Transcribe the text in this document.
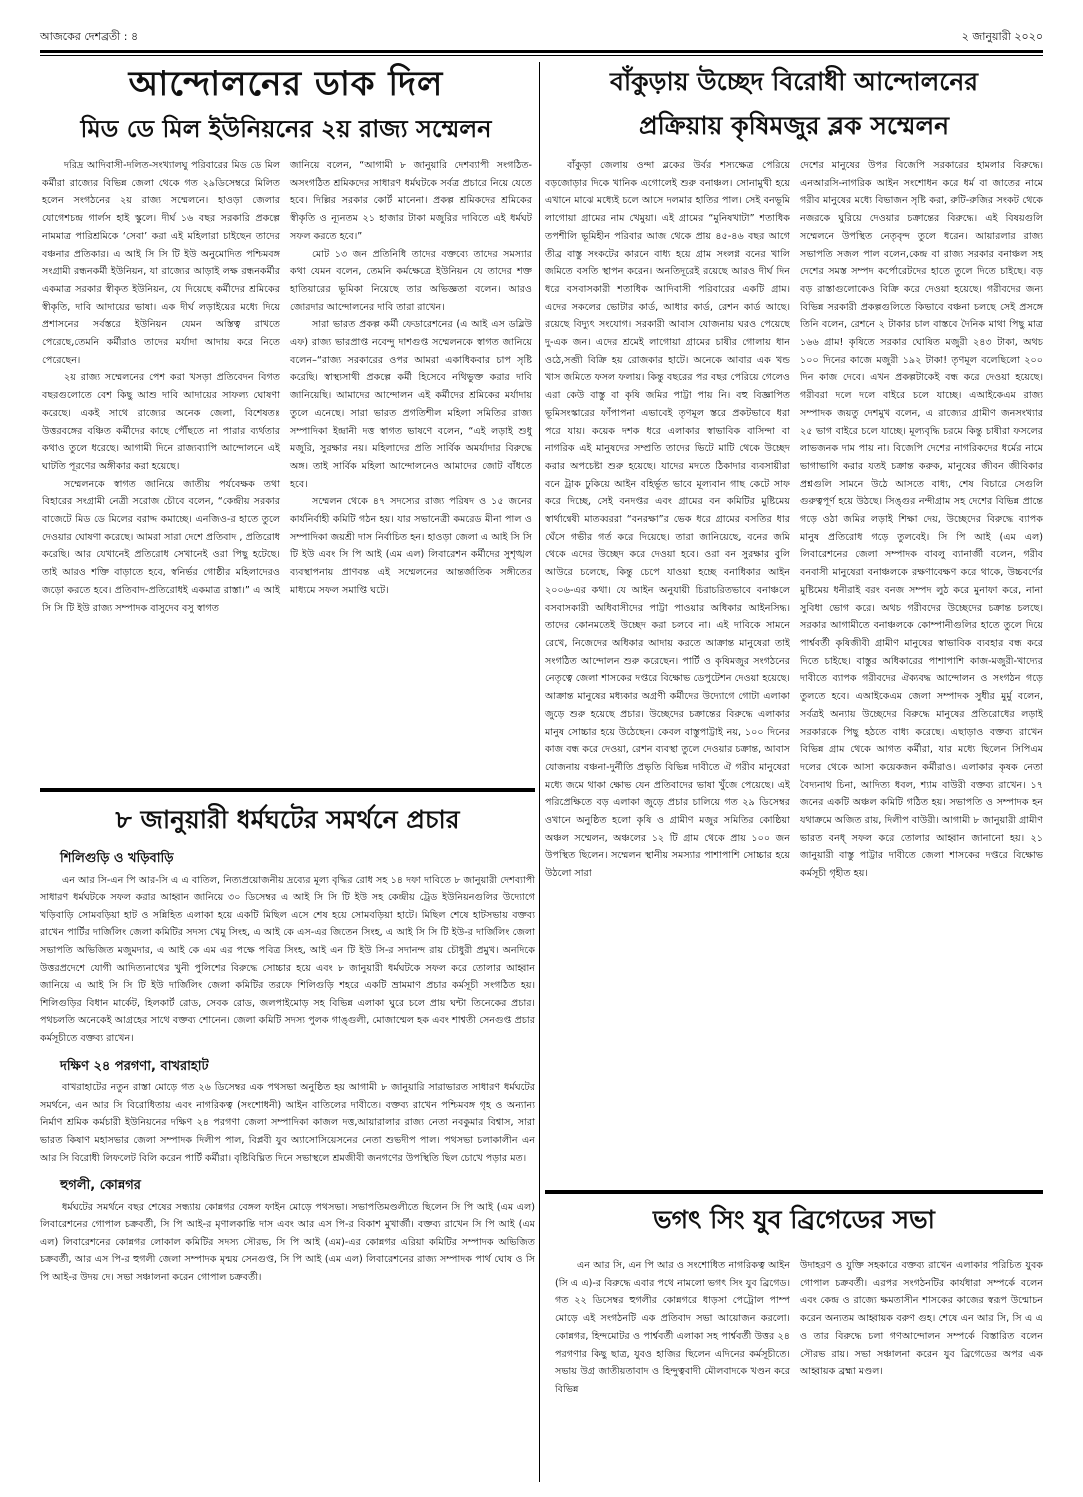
আজকের দেশব্রতী : ৪	২ জানুয়ারী ২০২০
আন্দোলনের ডাক দিল
মিড ডে মিল ইউনিয়নের ২য় রাজ্য সম্মেলন

দরিদ্র আদিবাসী-দলিত-সংখ্যালঘু পরিবারের মিড ডে মিল কর্মীরা রাজ্যের বিভিন্ন জেলা থেকে গত ২৯ডিসেম্বরে মিলিত হলেন সংগঠনের ২য় রাজ্য সম্মেলনে। হাওড়া জেলার যোগেশচন্দ্র গার্লস হাই স্কুলে। দীর্ঘ ১৬ বছর সরকারি প্রকল্পে নামমাত্র পারিশ্রমিকে ‘সেবা’ করা এই মহিলারা চাইছেন তাদের বঞ্চনার প্রতিকার। এ আই সি সি টি ইউ অনুমোদিত পশ্চিমবঙ্গ সংগ্রামী রন্ধনকর্মী ইউনিয়ন, যা রাজ্যের আড়াই লক্ষ রন্ধনকর্মীর একমাত্র সরকার স্বীকৃত ইউনিয়ন, যে দিয়েছে কর্মীদের শ্রমিকের স্বীকৃতি, দাবি আদায়ের ভাষা। এক দীর্ঘ লড়াইয়ের মধ্যে দিয়ে প্রশাসনের সর্বস্তরে ইউনিয়ন যেমন অস্তিত্ব রাখতে পেরেছে,তেমনি কর্মীরাও তাদের মর্যাদা আদায় করে নিতে পেরেছেন।

২য় রাজ্য সম্মেলনের পেশ করা খসড়া প্রতিবেদন বিগত বছরগুলোতে বেশ কিছু আশু দাবি আদায়ের সাফল্য ঘোষণা করেছে। একই সাথে রাজ্যের অনেক জেলা, বিশেষতঃ উত্তরবঙ্গের বঞ্চিত কর্মীদের কাছে পৌঁছতে না পারার ব্যর্থতার কথাও তুলে ধরেছে। আগামী দিনে রাজ্যব্যাপি আন্দোলনে এই ঘাটতি পূরণের অঙ্গীকার করা হয়েছে।

সম্মেলনকে স্বাগত জানিয়ে জাতীয় পর্যবেক্ষক তথা বিহারের সংগ্রামী নেত্রী সরোজ চৌবে বলেন, “কেন্দ্রীয় সরকার বাজেটে মিড ডে মিলের বরাদ্দ কমাচ্ছে। এনজিও-র হাতে তুলে দেওয়ার ঘোষণা করেছে। আমরা সারা দেশে প্রতিবাদ , প্রতিরোধ করেছি। আর যেখানেই প্রতিরোধ সেখানেই ওরা পিছু হটেছে। তাই আরও শক্তি বাড়াতে হবে, স্বনির্ভর গোষ্ঠীর মহিলাদেরও জড়ো করতে হবে। প্রতিবাদ-প্রতিরোধই একমাত্র রাস্তা।” এ আই সি সি টি ইউ রাজ্য সম্পাদক বাসুদেব বসু স্বাগত

জানিয়ে বলেন, “আগামী ৮ জানুয়ারি দেশব্যাপী সংগঠিত-অসংগঠিত শ্রমিকদের সাধারণ ধর্মঘটকে সর্বত্র প্রচারে নিয়ে যেতে হবে। দিল্লির সরকার কোর্ট মানেনা। প্রকল্প শ্রমিকদের শ্রমিকের স্বীকৃতি ও ন্যূনতম ২১ হাজার টাকা মজুরির দাবিতে এই ধর্মঘট সফল করতে হবে।”

মোট ১৩ জন প্রতিনিধি তাদের বক্তব্যে তাদের সমস্যার কথা যেমন বলেন, তেমনি কর্মক্ষেত্রে ইউনিয়ন যে তাদের শক্ত হাতিয়ারের ভূমিকা নিয়েছে তার অভিজ্ঞতা বলেন। আরও জোরদার আন্দোলনের দাবি তারা রাখেন।

সারা ভারত প্রকল্প কর্মী ফেডারেশনের (এ আই এস ডব্লিউ এফ) রাজ্য ভারপ্রাপ্ত নবেন্দু দাশগুপ্ত সম্মেলনকে স্বাগত জানিয়ে বলেন–“রাজ্য সরকারের ওপর আমরা একাধিকবার চাপ সৃষ্টি করেছি। স্বাস্থ্যসাথী প্রকল্পে কর্মী হিসেবে নথিভুক্ত করার দাবি জানিয়েছি। আমাদের আন্দোলন এই কর্মীদের শ্রমিকের মর্যাদায় তুলে এনেছে। সারা ভারত প্রগতিশীল মহিলা সমিতির রাজ্য সম্পাদিকা ইন্দ্রানী দত্ত স্বাগত ভাষণে বলেন, “এই লড়াই শুধু মজুরি, সুরক্ষার নয়। মহিলাদের প্রতি সার্বিক অমর্যাদার বিরুদ্ধে অঙ্গ। তাই সার্বিক মহিলা আন্দোলনেও আমাদের জোট বাঁধতে হবে।

সম্মেলন থেকে ৪৭ সদস্যের রাজ্য পরিষদ ও ১৫ জনের কার্যনির্বাহী কমিটি গঠন হয়। যার সভানেত্রী কমরেড মীনা পাল ও সম্পাদিকা জয়শ্রী দাস নির্বাচিত হন। হাওড়া জেলা এ আই সি সি টি ইউ এবং সি পি আই (এম এল) লিবারেশন কর্মীদের সুশৃঙ্খল ব্যবস্থাপনায় প্রাণবন্ত এই সম্মেলনের আন্তর্জাতিক সঙ্গীতের মাধ্যমে সফল সমাপ্তি ঘটে।

৮ জানুয়ারী ধর্মঘটের সমর্থনে প্রচার
শিলিগুড়ি ও খড়িবাড়ি

এন আর সি-এন পি আর-সি এ এ বাতিল, নিত্যপ্রয়োজনীয় দ্রব্যের মূল্য বৃদ্ধির রোধ সহ ১৪ দফা দাবিতে ৮ জানুয়ারী দেশব্যাপী সাধারণ ধর্মঘটকে সফল করার আহ্বান জানিয়ে ৩০ ডিসেম্বর এ আই সি সি টি ইউ সহ কেন্দ্রীয় ট্রেড ইউনিয়নগুলির উদ্যোগে খড়িবাড়ি সোমবড়িয়া হাট ও সন্নিহিত এলাকা হয়ে একটি মিছিল এসে শেষ হয়ে সোমবড়িয়া হাটে। মিছিল শেষে হাটসভায় বক্তব্য রাখেন পার্টির দার্জিলিং জেলা কমিটির সদস্য খেমু সিংহ, এ আই কে এস-এর জিতেন সিংহ, এ আই সি সি টি ইউ-র দার্জিলিং জেলা সভাপতি অভিজিত মজুমদার, এ আই কে এম এর পক্ষে পবিত্র সিংহ, আই এন টি ইউ সি-র সদানন্দ রায় চৌধুরী প্রমুখ। অনদিকে উত্তরপ্রদেশে যোগী আদিত্যনাথের খুনী পুলিশের বিরুদ্ধে সোচ্চার হয়ে এবং ৮ জানুয়ারী ধর্মঘটকে সফল করে তোলার আহ্বান জানিয়ে এ আই সি সি টি ইউ দার্জিলিং জেলা কমিটির তরফে শিলিগুড়ি শহরে একটি ভ্রামমাণ প্রচার কর্মসূচী সংগঠিত হয়। শিলিগুড়ির বিধান মার্কেট, হিলকার্ট রোড, সেবক রোড, জলপাইমোড় সহ বিভিন্ন এলাকা ঘুরে চলে প্রায় ঘন্টা তিনেকের প্রচার। পথচলতি অনেকেই আগ্রহের সাথে বক্তব্য শোনেন। জেলা কমিটি সদস্য পুলক গাঙ্গুলী, মোজাম্মেল হক এবং শাশ্বতী সেনগুপ্ত প্রচার কর্মসূচীতে বক্তব্য রাখেন।

দক্ষিণ ২৪ পরগণা, বাখরাহাট

বাখরাহাটের নতুন রাস্তা মোড়ে গত ২৬ ডিসেম্বর এক পথসভা অনুষ্ঠিত হয় আগামী ৮ জানুয়ারি সারাভারত সাধারণ ধর্মঘটের সমর্থনে, এন আর সি বিরোধিতায় এবং নাগরিকত্ব (সংশোধনী) আইন বাতিলের দাবীতে। বক্তব্য রাখেন পশ্চিমবঙ্গ গৃহ ও অন্যান্য নির্মাণ শ্রমিক কর্মচারী ইউনিয়নের দক্ষিণ ২৪ পরগণা জেলা সম্পাদিকা কাজল দত্ত,আয়ারালার রাজ্য নেতা নবকুমার বিশ্বাস, সারা ভারত কিষাণ মহাসভার জেলা সম্পাদক দিলীপ পাল, বিপ্লবী যুব অ্যাসোসিয়েসনের নেতা শুভদীপ পাল। পথসভা চলাকালীন এন আর সি বিরোধী লিফলেট বিলি করেন পার্টি কর্মীরা। বৃষ্টিবিঘ্নিত দিনে সভাস্থলে শ্রমজীবী জনগণের উপস্থিতি ছিল চোখে পড়ার মত।

হুগলী, কোন্নগর

ধর্মঘটের সমর্থনে বছর শেষের সন্ধ্যায় কোন্নগর বেঙ্গল ফাইন মোড়ে পথসভা। সভাপতিমণ্ডলীতে ছিলেন সি পি আই (এম এল) লিবারেশনের গোপাল চক্রবর্তী, সি পি আই-র মৃণালকান্তি দাস এবং আর এস পি-র বিকাশ মুখার্জী। বক্তব্য রাখেন সি পি আই (এম এল) লিবারেশনের কোন্নগর লোকাল কমিটির সদস্য সৌরভ, সি পি আই (এম)-এর কোন্নগর এরিয়া কমিটির সম্পাদক অভিজিত চক্রবর্তী, আর এস পি-র হুগলী জেলা সম্পাদক মৃন্ময় সেনগুপ্ত, সি পি আই (এম এল) লিবারেশনের রাজ্য সম্পাদক পার্থ ঘোষ ও সি পি আই-র উদয় দে। সভা সঞ্চালনা করেন গোপাল চক্রবর্তী।

বাঁকুড়ায় উচ্ছেদ বিরোধী আন্দোলনের
প্রক্রিয়ায় কৃষিমজুর ব্লক সম্মেলন

বাঁকুড়া জেলায় ওন্দা ব্লকের উর্বর শস্যক্ষেত্র পেরিয়ে বড়জোড়ার দিকে খানিক এগোলেই শুরু বনাঞ্চল। সোনামুখী হয়ে এখানে মাঝে মধ্যেই চলে আসে দলমার হাতির পাল। সেই বনভূমি লাগোয়া গ্রামের নাম খেমুয়া। এই গ্রামের “মুনিষখাটা” শতাধিক তপশীলি ভূমিহীন পরিবার আজ থেকে প্রায় ৪৫-৪৬ বছর আগে তীব্র বাস্তু সংকটের কারনে বাধ্য হয়ে গ্রাম সংলগ্ন বনের খালি জমিতে বসতি স্থাপন করেন। অনতিদূরেই রয়েছে আরও দীর্ঘ দিন ধরে বসবাসকারী শতাধিক আদিবাসী পরিবারের একটি গ্রাম। এদের সকলের ভোটার কার্ড, আধার কার্ড, রেশন কার্ড আছে। রয়েছে বিদ্যুৎ সংযোগ। সরকারী আবাস যোজনায় ঘরও পেয়েছে দু-এক জন। এদের শ্রমেই লাগোয়া গ্রামের চাষীর গোলায় ধান ওঠে,সব্জী বিক্রি হয় রোজকার হাটে। অনেকে আবার এক খন্ড খাস জমিতে ফসল ফলায়। কিন্তু বছরের পর বছর পেরিয়ে গেলেও এরা কেউ বাস্তু বা কৃষি জমির পাট্টা পায় নি। বহু বিজ্ঞাপিত ভূমিসংস্কারের ফাঁপাপনা এভাবেই তৃণমূল স্তরে প্রকটভাবে ধরা পরে যায়। কয়েক দশক ধরে এলাকার স্বাভাবিক বাসিন্দা বা নাগরিক এই মানুষদের সম্প্রতি তাদের ভিটে মাটি থেকে উচ্ছেদ করার অপচেষ্টা শুরু হয়েছে। যাদের মদতে ঠিকাদার ব্যবসায়ীরা বনে ট্রাক ঢুকিয়ে আইন বহির্ভূত ভাবে মূল্যবান গাছ কেটে সাফ করে দিচ্ছে, সেই বনদপ্তর এবং গ্রামের বন কমিটির মুষ্টিমেয় স্বার্থান্বেষী মাতব্বররা “বনরক্ষা”র ভেক ধরে গ্রামের বসতির ধার ঘেঁসে গভীর গর্ত করে দিয়েছে। তারা জানিয়েছে, বনের জমি থেকে এদের উচ্ছেদ করে দেওয়া হবে। ওরা বন সুরক্ষার বুলি আউরে চলেছে, কিন্তু চেপে যাওয়া হচ্ছে বনাধিকার আইন ২০০৬-এর কথা। যে আইন অনুযায়ী চিরাচরিতভাবে বনাঞ্চলে বসবাসকারী অধিবাসীদের পাট্টা পাওয়ার অধিকার আইনসিদ্ধ। তাদের কোনমতেই উচ্ছেদ করা চলবে না। এই দাবিকে সামনে রেখে, নিজেদের অধিকার আদায় করতে আক্রান্ত মানুষেরা তাই সংগঠিত আন্দোলন শুরু করেছেন। পার্টি ও কৃষিমজুর সংগঠনের নেতৃত্বে জেলা শাসকের দপ্তরে বিক্ষোভ ডেপুটেশন দেওয়া হয়েছে। আক্রান্ত মানুষের মধ্যকার অগ্রণী কর্মীদের উদ্যোগে গোটা এলাকা জুড়ে শুরু হয়েছে প্রচার। উচ্ছেদের চক্রান্তের বিরুদ্ধে এলাকার মানুষ সোচ্চার হয়ে উঠেছেন। কেবল বাস্তুপাট্টাই নয়, ১০০ দিনের কাজ বন্ধ করে দেওয়া, রেশন ব্যবস্থা তুলে দেওয়ার চক্রান্ত, আবাস যোজনায় বঞ্চনা-দুর্নীতি প্রভৃতি বিভিন্ন দাবীতে ঐ গরীব মানুষেরা মধ্যে জমে থাকা ক্ষোভ যেন প্রতিবাদের ভাষা খুঁজে পেয়েছে। এই পরিপ্রেক্ষিতে বড় এলাকা জুড়ে প্রচার চালিয়ে গত ২৯ ডিসেম্বর ওখানে অনুষ্ঠিত হলো কৃষি ও গ্রামীণ মজুর সমিতির কোষ্ঠিয়া অঞ্চল সম্মেলন, অঞ্চলের ১২ টি গ্রাম থেকে প্রায় ১০০ জন উপস্থিত ছিলেন। সম্মেলন স্থানীয় সমস্যার পাশাপাশি সোচ্চার হয়ে উঠলো সারা

দেশের মানুষের উপর বিজেপি সরকারের হামলার বিরুদ্ধে। এনআরসি-নাগরিক আইন সংশোধন করে ধর্ম বা জাতের নামে গরীব মানুষের মধ্যে বিভাজন সৃষ্টি করা, রুটি-রুজির সংকট থেকে নজরকে ঘুরিয়ে দেওয়ার চক্রান্তের বিরুদ্ধে। এই বিষয়গুলি সম্মেলনে উপস্থিত নেতৃবৃন্দ তুলে ধরেন। আয়ারলার রাজ্য সভাপতি সজল পাল বলেন,কেন্দ্র বা রাজ্য সরকার বনাঞ্চল সহ দেশের সমস্ত সম্পদ কর্পোরেটদের হাতে তুলে দিতে চাইছে। বড় বড় রাস্তাগুলোকেও বিক্রি করে দেওয়া হয়েছে। গরীবদের জন্য বিভিন্ন সরকারী প্রকল্পগুলিতে কিভাবে বঞ্চনা চলছে সেই প্রসঙ্গে তিনি বলেন, রেশনে ২ টাকার চাল বাস্তবে দৈনিক মাথা পিছু মাত্র ১৬৬ গ্রাম! কৃষিতে সরকার ঘোষিত মজুরী ২৪৩ টাকা, অথচ ১০০ দিনের কাজে মজুরী ১৯২ টাকা! তৃণমূল বলেছিলো ২০০ দিন কাজ দেবে। এখন প্রকল্পটাকেই বন্ধ করে দেওয়া হয়েছে। গরীবরা দলে দলে বাইরে চলে যাচ্ছে। এআইকেএম রাজ্য সম্পাদক জয়তু দেশমুখ বলেন, এ রাজ্যের গ্রামীণ জনসংখ্যার ২৫ ভাগ বাইরে চলে যাচ্ছে। মূল্যবৃদ্ধি চরমে কিন্তু চাষীরা ফসলের লাভজনক দাম পায় না। বিজেপি দেশের নাগরিকদের ধর্মের নামে ভাগাভাগি করার যতই চক্রান্ত করুক, মানুষের জীবন জীবিকার প্রশ্নগুলি সামনে উঠে আসতে বাধ্য, শেষ বিচারে সেগুলি গুরুত্বপূর্ণ হয়ে উঠছে। সিঙ্গুর নন্দীগ্রাম সহ দেশের বিভিন্ন প্রান্তে গড়ে ওঠা জমির লড়াই শিক্ষা দেয়, উচ্ছেদের বিরুদ্ধে ব্যাপক মানুষ প্রতিরোধ গড়ে তুলবেই। সি পি আই (এম এল) লিবারেশনের জেলা সম্পাদক বাবলু ব্যানার্জী বলেন, গরীব বনবাসী মানুষেরা বনাঞ্চলকে রক্ষণাবেক্ষণ করে থাকে, উচ্চবর্ণের মুষ্টিমেয় ধনীরাই বরং বনজ সম্পদ লুঠ করে মুনাফা করে, নানা সুবিধা ভোগ করে। অথচ গরীবদের উচ্ছেদের চক্রান্ত চলছে। সরকার আগামীতে বনাঞ্চলকে কোম্পানীগুলির হাতে তুলে দিয়ে পার্শ্ববর্তী কৃষিজীবী গ্রামীণ মানুষের স্বাভাবিক ব্যবহার বন্ধ করে দিতে চাইছে। বাস্তুর অধিকারের পাশাপাশি কাজ-মজুরী-খাদ্যের দাবীতে ব্যাপক গরীবদের ঐক্যবদ্ধ আন্দোলন ও সংগঠন গড়ে তুলতে হবে। এআইকেএম জেলা সম্পাদক সুধীর মুর্মু বলেন, সর্বত্রই অন্যায় উচ্ছেদের বিরুদ্ধে মানুষের প্রতিরোধের লড়াই সরকারকে পিছু হঠতে বাধ্য করেছে। এছাড়াও বক্তব্য রাখেন বিভিন্ন গ্রাম থেকে আগত কর্মীরা, যার মধ্যে ছিলেন সিপিএম দলের থেকে আসা কয়েকজন কর্মীরাও। এলাকার কৃষক নেতা বৈদ্যনাথ চিনা, আদিত্য ধবল, শ্যাম বাউরী বক্তব্য রাখেন। ১৭ জনের একটি অঞ্চল কমিটি গঠিত হয়। সভাপতি ও সম্পাদক হন যথাক্রমে অজিত রায়, দিলীপ বাউরী। আগামী ৮ জানুয়ারী গ্রামীণ ভারত বনধ্ সফল করে তোলার আহ্বান জানানো হয়। ২১ জানুয়ারী বাস্তু পাট্টার দাবীতে জেলা শাসকের দপ্তরে বিক্ষোভ কর্মসূচী গৃহীত হয়।

ভগৎ সিং যুব ব্রিগেডের সভা

এন আর সি, এন পি আর ও সংশোধিত নাগরিকত্ব আইন (সি এ এ)-র বিরুদ্ধে এবার পথে নামলো ভগৎ সিং যুব ব্রিগেড। গত ২২ ডিসেম্বর হুগলীর কোন্নগরে ধাড়সা পেট্রোল পাম্প মোড়ে এই সংগঠনটি এক প্রতিবাদ সভা আয়োজন করলো। কোন্নগর, হিন্দমোটর ও পার্শ্ববর্তী এলাকা সহ পার্শ্ববর্তী উত্তর ২৪ পরগণার কিছু ছাত্র, যুবও হাজির ছিলেন এদিনের কর্মসূচীতে। সভায় উগ্র জাতীয়তাবাদ ও হিন্দুত্ববাদী মৌলবাদকে খণ্ডন করে বিভিন্ন

উদাহরণ ও যুক্তি সহকারে বক্তব্য রাখেন এলাকার পরিচিত যুবক গোপাল চক্রবর্তী। এরপর সংগঠনটির কার্যধারা সম্পর্কে বলেন এবং কেন্দ্র ও রাজ্যে ক্ষমতাসীন শাসকের কাজের স্বরূপ উন্মোচন করেন অন্যতম আহ্বায়ক বরুণ গুহ। শেষে এন আর সি, সি এ এ ও তার বিরুদ্ধে চলা গণআন্দোলন সম্পর্কে বিস্তারিত বলেন সৌরভ রায়। সভা সঞ্চালনা করেন যুব ব্রিগেডের অপর এক আহ্বায়ক ব্রহ্মা মণ্ডল।
